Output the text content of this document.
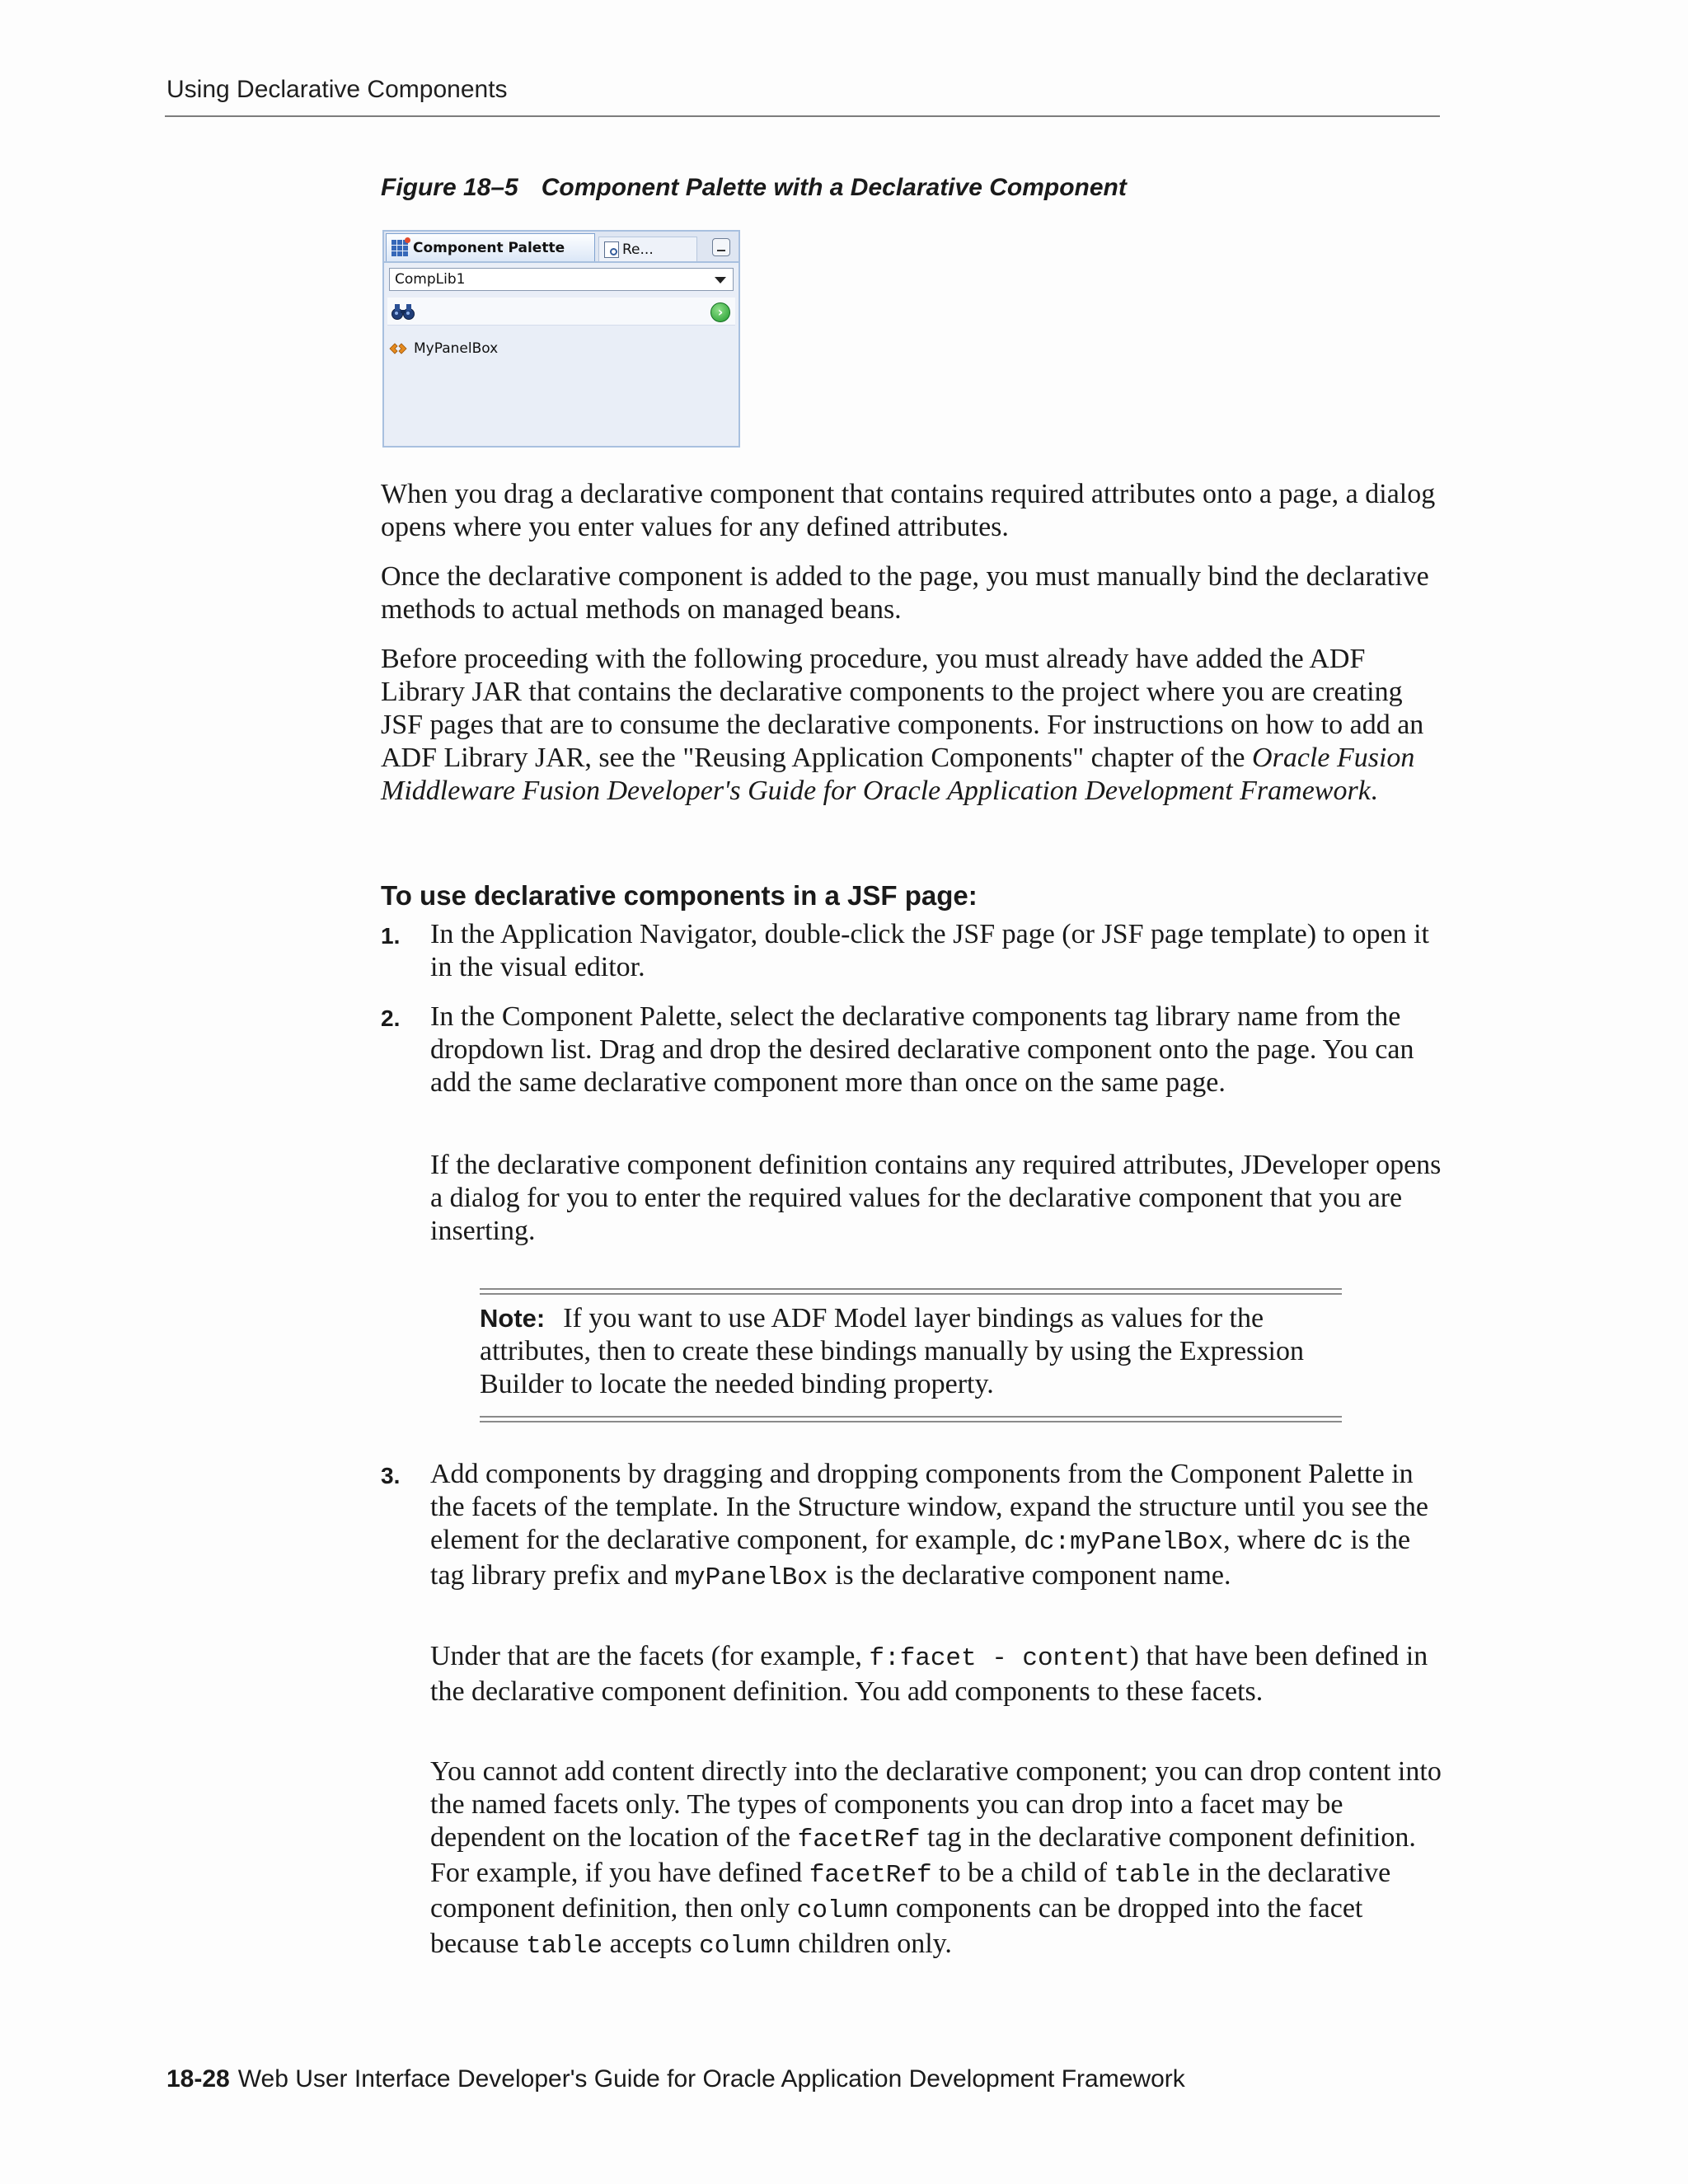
Using Declarative Components

Figure 18–5 Component Palette with a Declarative Component

Component Palette	Re...
CompLib1
›
MyPanelBox

When you drag a declarative component that contains required attributes onto a page, a dialog opens where you enter values for any defined attributes.

Once the declarative component is added to the page, you must manually bind the declarative methods to actual methods on managed beans.

Before proceeding with the following procedure, you must already have added the ADF Library JAR that contains the declarative components to the project where you are creating JSF pages that are to consume the declarative components. For instructions on how to add an ADF Library JAR, see the "Reusing Application Components" chapter of the Oracle Fusion Middleware Fusion Developer's Guide for Oracle Application Development Framework.

To use declarative components in a JSF page:

1. In the Application Navigator, double-click the JSF page (or JSF page template) to open it in the visual editor.

2. In the Component Palette, select the declarative components tag library name from the dropdown list. Drag and drop the desired declarative component onto the page. You can add the same declarative component more than once on the same page.

If the declarative component definition contains any required attributes, JDeveloper opens a dialog for you to enter the required values for the declarative component that you are inserting.

Note: If you want to use ADF Model layer bindings as values for the attributes, then to create these bindings manually by using the Expression Builder to locate the needed binding property.

3. Add components by dragging and dropping components from the Component Palette in the facets of the template. In the Structure window, expand the structure until you see the element for the declarative component, for example, dc:myPanelBox, where dc is the tag library prefix and myPanelBox is the declarative component name.

Under that are the facets (for example, f:facet - content) that have been defined in the declarative component definition. You add components to these facets.

You cannot add content directly into the declarative component; you can drop content into the named facets only. The types of components you can drop into a facet may be dependent on the location of the facetRef tag in the declarative component definition. For example, if you have defined facetRef to be a child of table in the declarative component definition, then only column components can be dropped into the facet because table accepts column children only.

18-28 Web User Interface Developer's Guide for Oracle Application Development Framework
